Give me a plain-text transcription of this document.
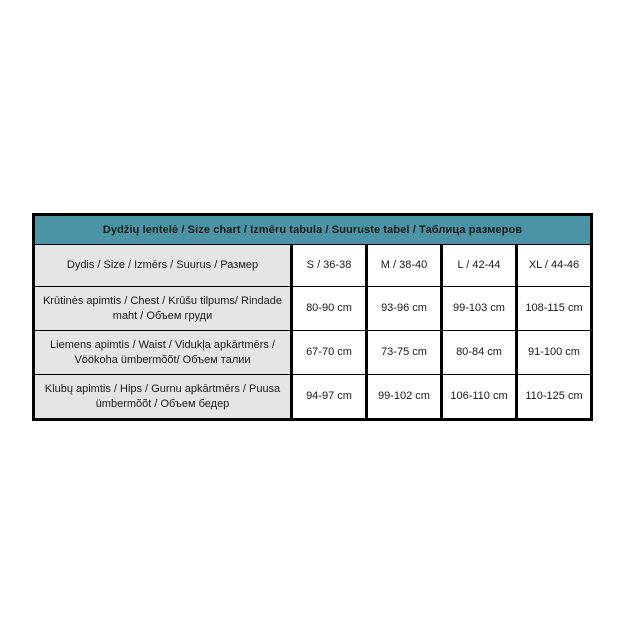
Dydžių lentelė / Size chart / Izmēru tabula / Suuruste tabel / Таблица размеров				
Dydis / Size / Izmērs / Suurus / Размер	S / 36-38	M / 38-40	L / 42-44	XL / 44-46
Krūtinės apimtis / Chest / Krūšu tilpums/ Rindade maht / Объем груди	80-90 cm	93-96 cm	99-103 cm	108-115 cm
Liemens apimtis / Waist / Vidukļa apkārtmērs / Vöökoha ümbermõõt/ Объем талии	67-70 cm	73-75 cm	80-84 cm	91-100 cm
Klubų apimtis / Hips / Gurnu apkārtmērs / Puusa ümbermõõt / Объем бедер	94-97 cm	99-102 cm	106-110 cm	110-125 cm
